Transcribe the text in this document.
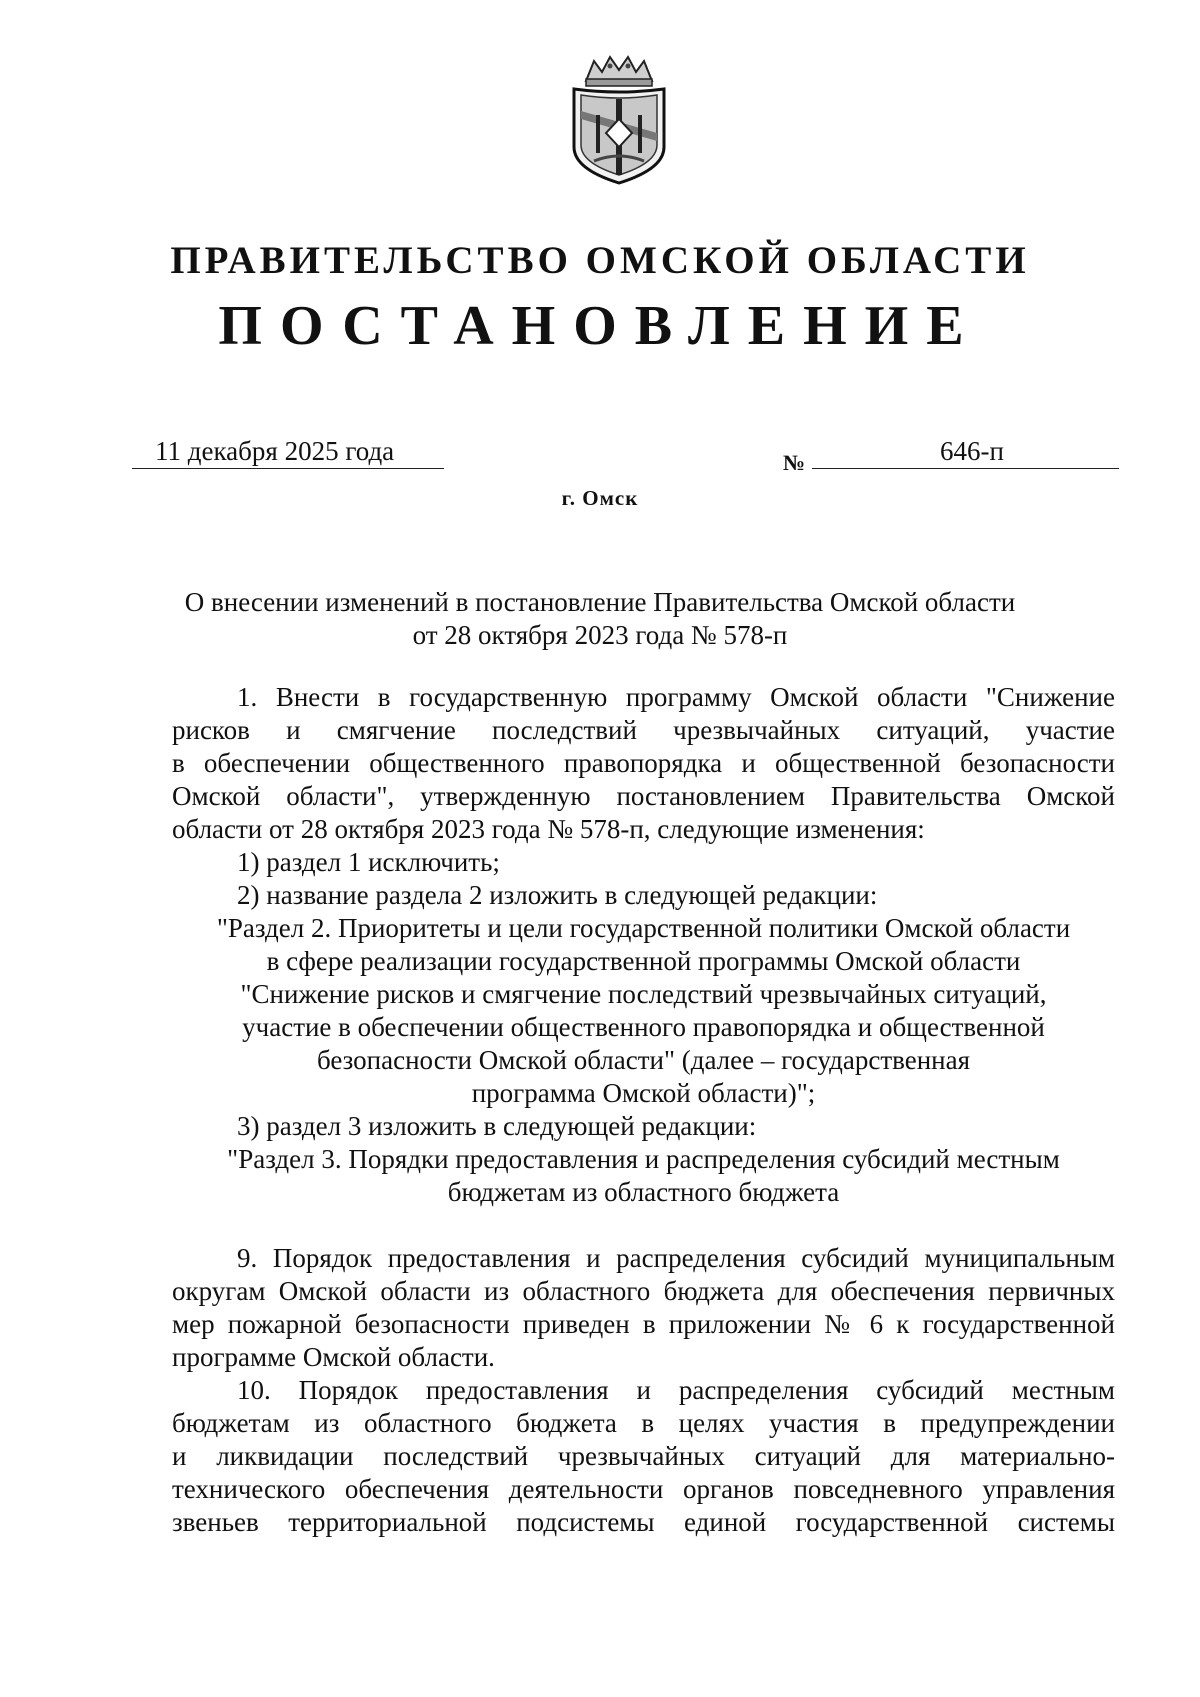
ПРАВИТЕЛЬСТВО ОМСКОЙ ОБЛАСТИ
ПОСТАНОВЛЕНИЕ
11 декабря 2025 года	№	646-п
г. Омск
О внесении изменений в постановление Правительства Омской области
от 28 октября 2023 года № 578-п

1. Внести в государственную программу Омской области "Снижение

рисков и смягчение последствий чрезвычайных ситуаций, участие

в обеспечении общественного правопорядка и общественной безопасности

Омской области", утвержденную постановлением Правительства Омской

области от 28 октября 2023 года № 578-п, следующие изменения:

1) раздел 1 исключить;

2) название раздела 2 изложить в следующей редакции:

"Раздел 2. Приоритеты и цели государственной политики Омской области

в сфере реализации государственной программы Омской области

"Снижение рисков и смягчение последствий чрезвычайных ситуаций,

участие в обеспечении общественного правопорядка и общественной

безопасности Омской области" (далее – государственная

программа Омской области)";

3) раздел 3 изложить в следующей редакции:

"Раздел 3. Порядки предоставления и распределения субсидий местным

бюджетам из областного бюджета

9. Порядок предоставления и распределения субсидий муниципальным

округам Омской области из областного бюджета для обеспечения первичных

мер пожарной безопасности приведен в приложении № 6 к государственной

программе Омской области.

10. Порядок предоставления и распределения субсидий местным

бюджетам из областного бюджета в целях участия в предупреждении

и ликвидации последствий чрезвычайных ситуаций для материально-

технического обеспечения деятельности органов повседневного управления

звеньев территориальной подсистемы единой государственной системы
